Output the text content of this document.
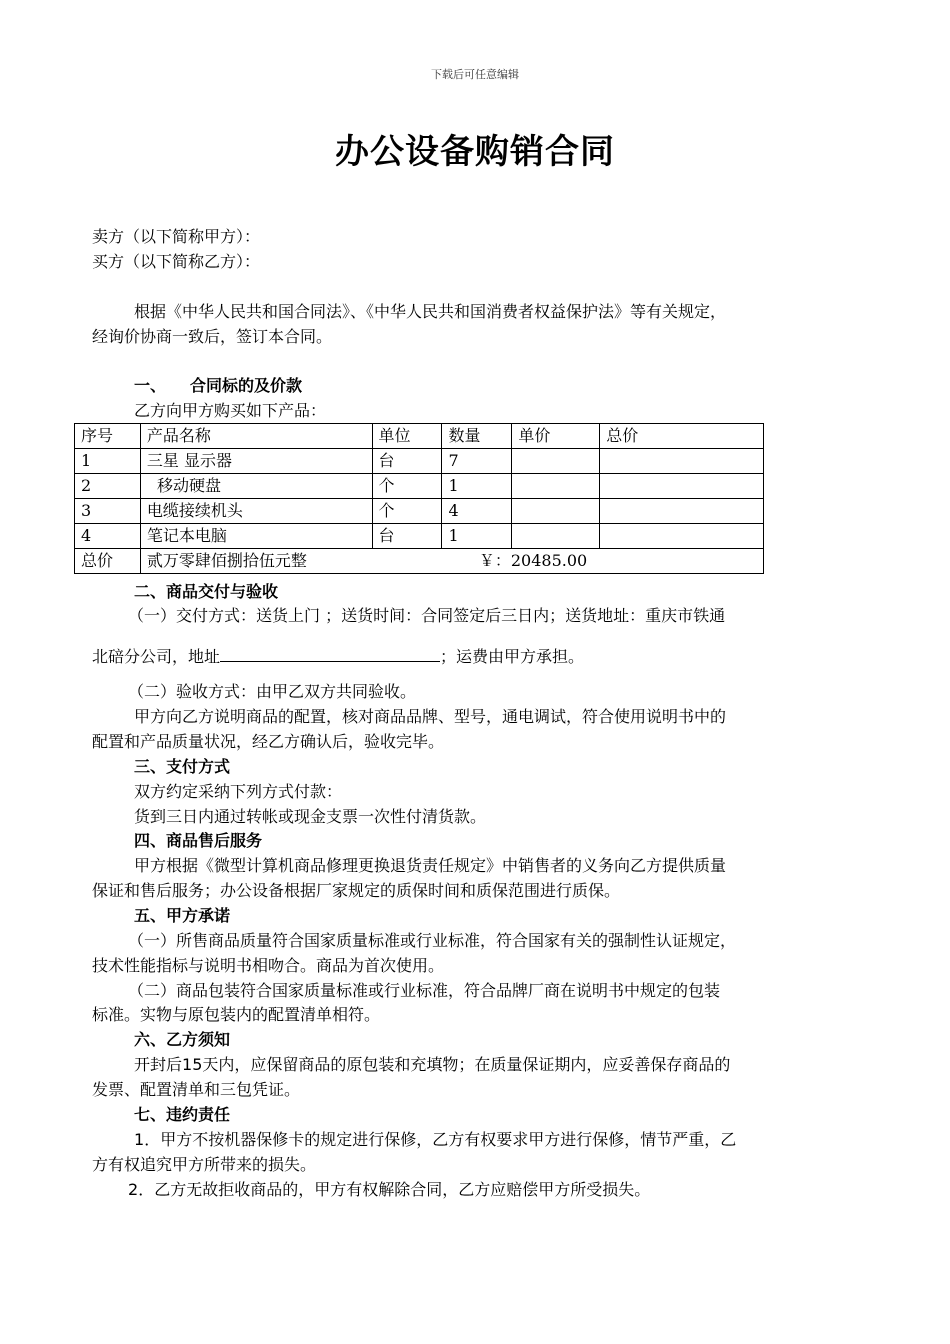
下载后可任意编辑
办公设备购销合同
卖方（以下简称甲方）：
买方（以下简称乙方）：
根据《中华人民共和国合同法》、《中华人民共和国消费者权益保护法》等有关规定，
经询价协商一致后，签订本合同。
一、 合同标的及价款
乙方向甲方购买如下产品：
序号	产品名称	单位	数量	单价	总价
1	三星 显示器	台	7		
2	移动硬盘	个	1		
3	电缆接续机头	个	4		
4	笔记本电脑	台	1		
总价	贰万零肆佰捌拾伍元整 ￥：20485.00				
二、商品交付与验收
（一）交付方式：送货上门 ；送货时间：合同签定后三日内；送货地址：重庆市铁通
北碚分公司，地址	；运费由甲方承担。
（二）验收方式：由甲乙双方共同验收。
甲方向乙方说明商品的配置，核对商品品牌、型号，通电调试，符合使用说明书中的
配置和产品质量状况，经乙方确认后，验收完毕。
三、支付方式
双方约定采纳下列方式付款：
货到三日内通过转帐或现金支票一次性付清货款。
四、商品售后服务
甲方根据《微型计算机商品修理更换退货责任规定》中销售者的义务向乙方提供质量
保证和售后服务；办公设备根据厂家规定的质保时间和质保范围进行质保。
五、甲方承诺
（一）所售商品质量符合国家质量标准或行业标准，符合国家有关的强制性认证规定，
技术性能指标与说明书相吻合。商品为首次使用。
（二）商品包装符合国家质量标准或行业标准，符合品牌厂商在说明书中规定的包装
标准。实物与原包装内的配置清单相符。
六、乙方须知
开封后15天内，应保留商品的原包装和充填物；在质量保证期内，应妥善保存商品的
发票、配置清单和三包凭证。
七、违约责任
1．甲方不按机器保修卡的规定进行保修，乙方有权要求甲方进行保修，情节严重，乙
方有权追究甲方所带来的损失。
2．乙方无故拒收商品的，甲方有权解除合同，乙方应赔偿甲方所受损失。
